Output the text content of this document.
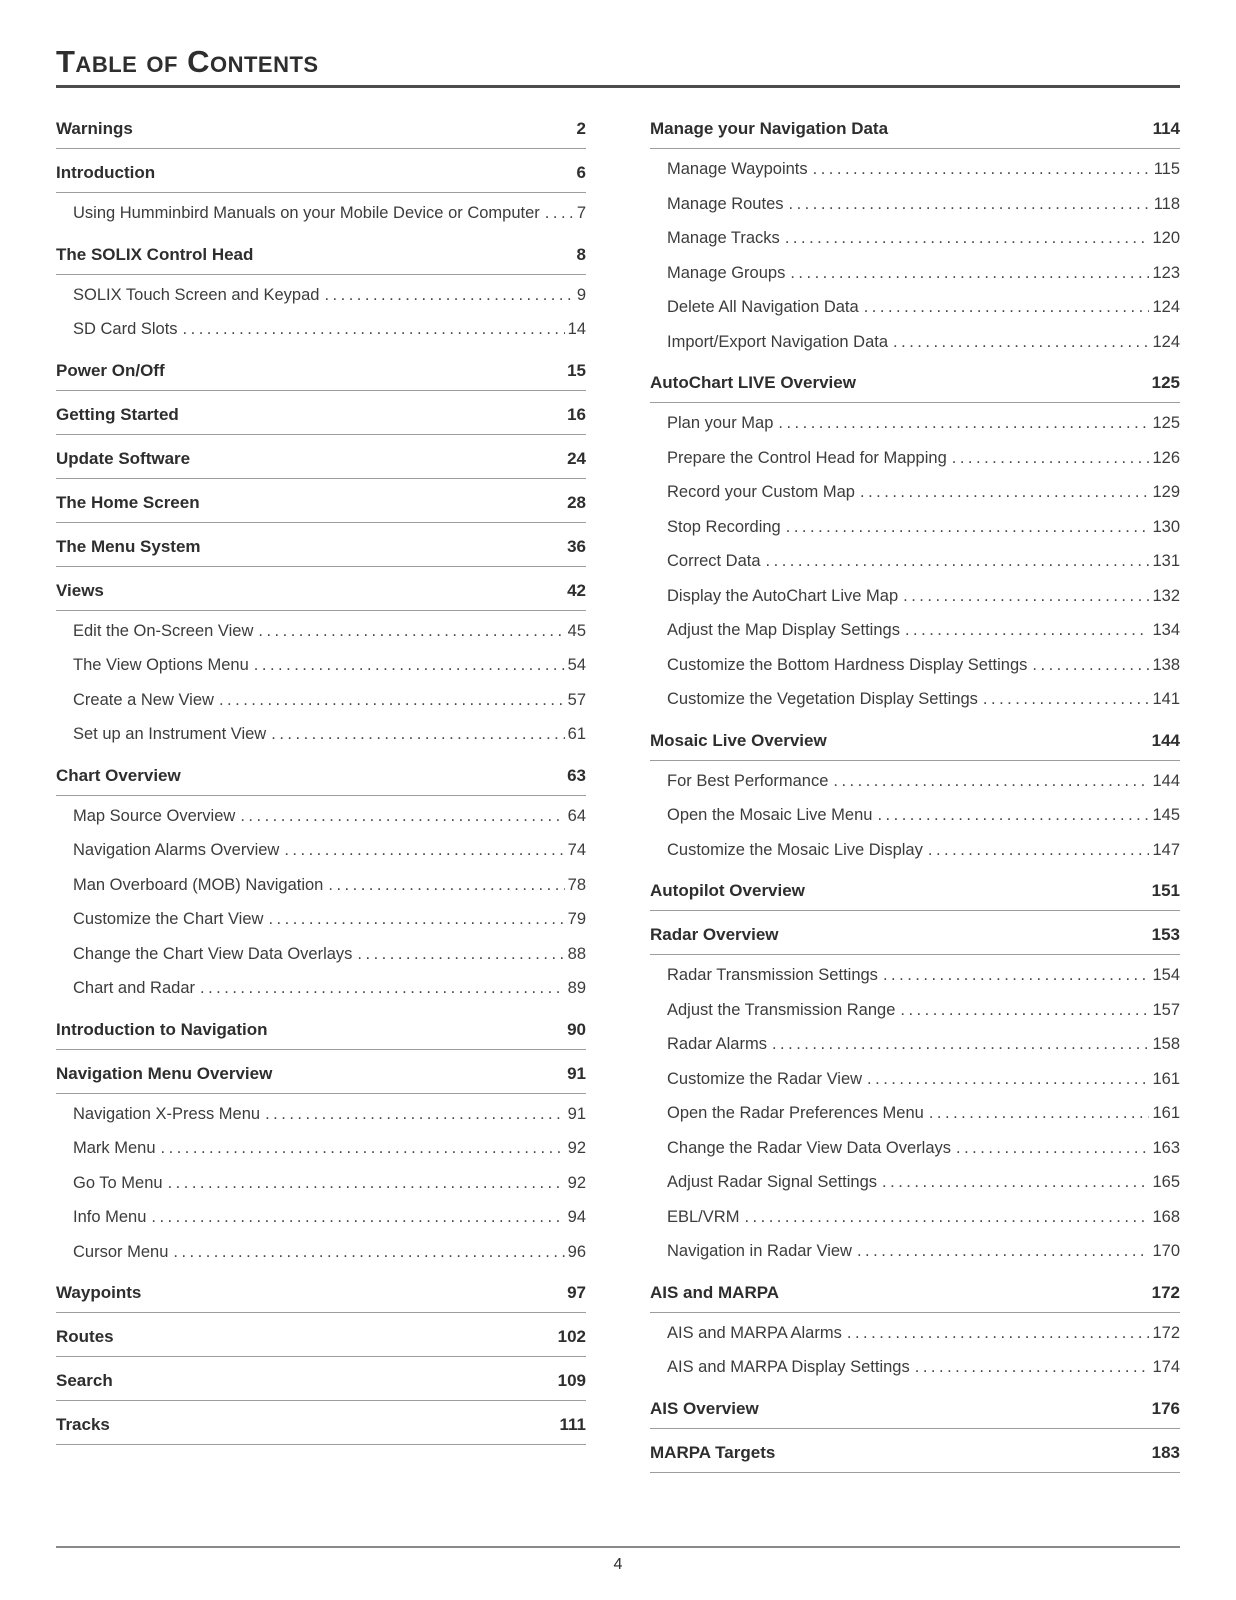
Table of Contents
Warnings	2
Introduction	6
Using Humminbird Manuals on your Mobile Device or Computer ..... 7
The SOLIX Control Head	8
SOLIX Touch Screen and Keypad .....	9
SD Card Slots .....	14
Power On/Off	15
Getting Started	16
Update Software	24
The Home Screen	28
The Menu System	36
Views	42
Edit the On-Screen View .....	45
The View Options Menu .....	54
Create a New View .....	57
Set up an Instrument View .....	61
Chart Overview	63
Map Source Overview .....	64
Navigation Alarms Overview .....	74
Man Overboard (MOB) Navigation .....	78
Customize the Chart View .....	79
Change the Chart View Data Overlays .....	88
Chart and Radar .....	89
Introduction to Navigation	90
Navigation Menu Overview	91
Navigation X-Press Menu .....	91
Mark Menu .....	92
Go To Menu .....	92
Info Menu .....	94
Cursor Menu .....	96
Waypoints	97
Routes	102
Search	109
Tracks	111
Manage your Navigation Data	114
Manage Waypoints .....	115
Manage Routes .....	118
Manage Tracks .....	120
Manage Groups .....	123
Delete All Navigation Data .....	124
Import/Export Navigation Data .....	124
AutoChart LIVE Overview	125
Plan your Map .....	125
Prepare the Control Head for Mapping .....	126
Record your Custom Map .....	129
Stop Recording .....	130
Correct Data .....	131
Display the AutoChart Live Map .....	132
Adjust the Map Display Settings .....	134
Customize the Bottom Hardness Display Settings .....	138
Customize the Vegetation Display Settings .....	141
Mosaic Live Overview	144
For Best Performance .....	144
Open the Mosaic Live Menu .....	145
Customize the Mosaic Live Display .....	147
Autopilot Overview	151
Radar Overview	153
Radar Transmission Settings .....	154
Adjust the Transmission Range .....	157
Radar Alarms .....	158
Customize the Radar View .....	161
Open the Radar Preferences Menu .....	161
Change the Radar View Data Overlays .....	163
Adjust Radar Signal Settings .....	165
EBL/VRM .....	168
Navigation in Radar View .....	170
AIS and MARPA	172
AIS and MARPA Alarms .....	172
AIS and MARPA Display Settings .....	174
AIS Overview	176
MARPA Targets	183
4
